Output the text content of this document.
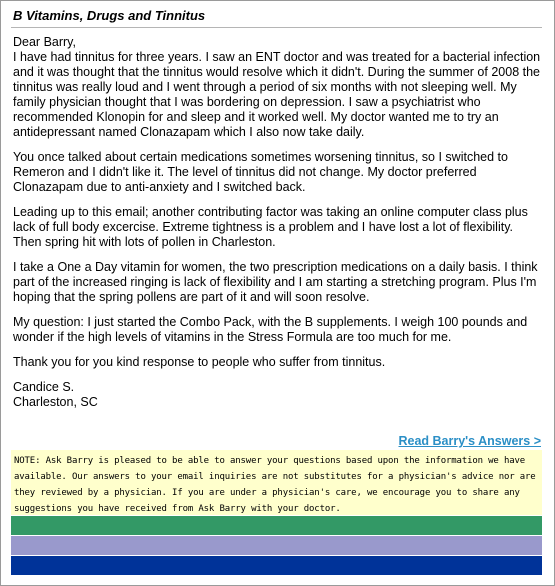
B Vitamins, Drugs and Tinnitus

Dear Barry,

I have had tinnitus for three years. I saw an ENT doctor and was treated for a bacterial infection and it was thought that the tinnitus would resolve which it didn't. During the summer of 2008 the tinnitus was really loud and I went through a period of six months with not sleeping well. My family physician thought that I was bordering on depression. I saw a psychiatrist who recommended Klonopin for and sleep and it worked well. My doctor wanted me to try an antidepressant named Clonazapam which I also now take daily.

You once talked about certain medications sometimes worsening tinnitus, so I switched to Remeron and I didn't like it. The level of tinnitus did not change. My doctor preferred Clonazapam due to anti-anxiety and I switched back.

Leading up to this email; another contributing factor was taking an online computer class plus lack of full body excercise. Extreme tightness is a problem and I have lost a lot of flexibility. Then spring hit with lots of pollen in Charleston.

I take a One a Day vitamin for women, the two prescription medications on a daily basis. I think part of the increased ringing is lack of flexibility and I am starting a stretching program. Plus I'm hoping that the spring pollens are part of it and will soon resolve.

My question: I just started the Combo Pack, with the B supplements. I weigh 100 pounds and wonder if the high levels of vitamins in the Stress Formula are too much for me.

Thank you for you kind response to people who suffer from tinnitus.

Candice S.
Charleston, SC
Read Barry's Answers >
NOTE: Ask Barry is pleased to be able to answer your questions based upon the information we have available. Our answers to your email inquiries are not substitutes for a physician's advice nor are they reviewed by a physician. If you are under a physician's care, we encourage you to share any suggestions you have received from Ask Barry with your doctor.
